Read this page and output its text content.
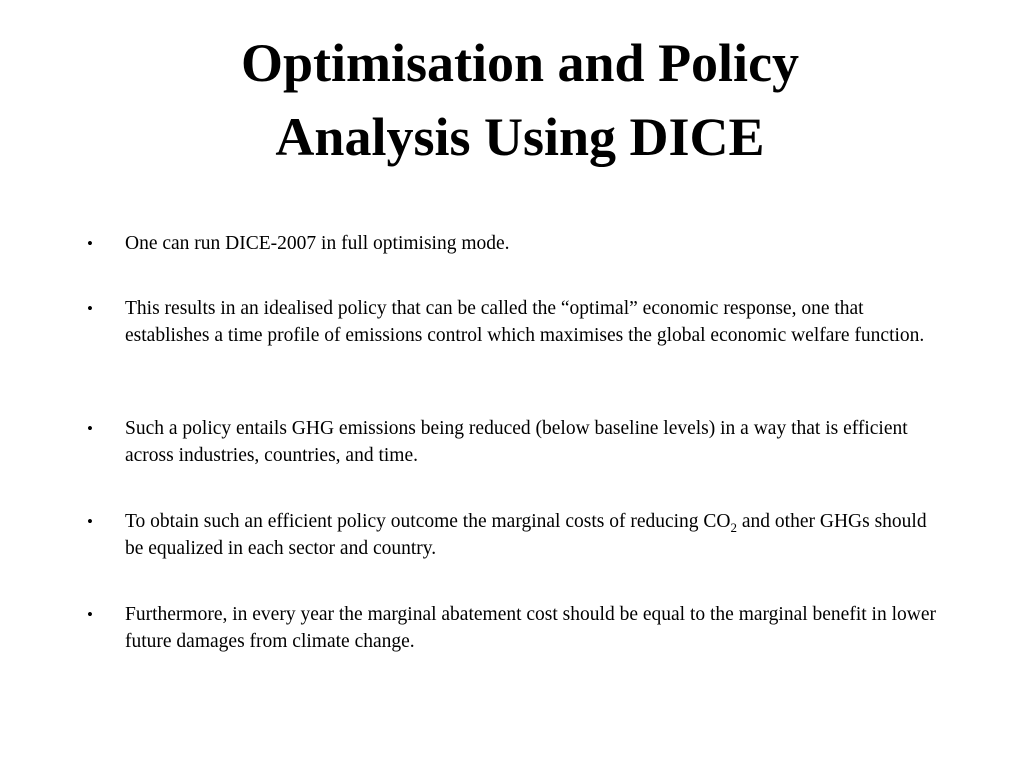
Optimisation and Policy
Analysis Using DICE
• One can run DICE-2007 in full optimising mode.
• This results in an idealised policy that can be called the “optimal” economic response, one that establishes a time profile of emissions control which maximises the global economic welfare function.
• Such a policy entails GHG emissions being reduced (below baseline levels) in a way that is efficient across industries, countries, and time.
• To obtain such an efficient policy outcome the marginal costs of reducing $CO_2$ and other GHGs should be equalized in each sector and country.
• Furthermore, in every year the marginal abatement cost should be equal to the marginal benefit in lower future damages from climate change.
